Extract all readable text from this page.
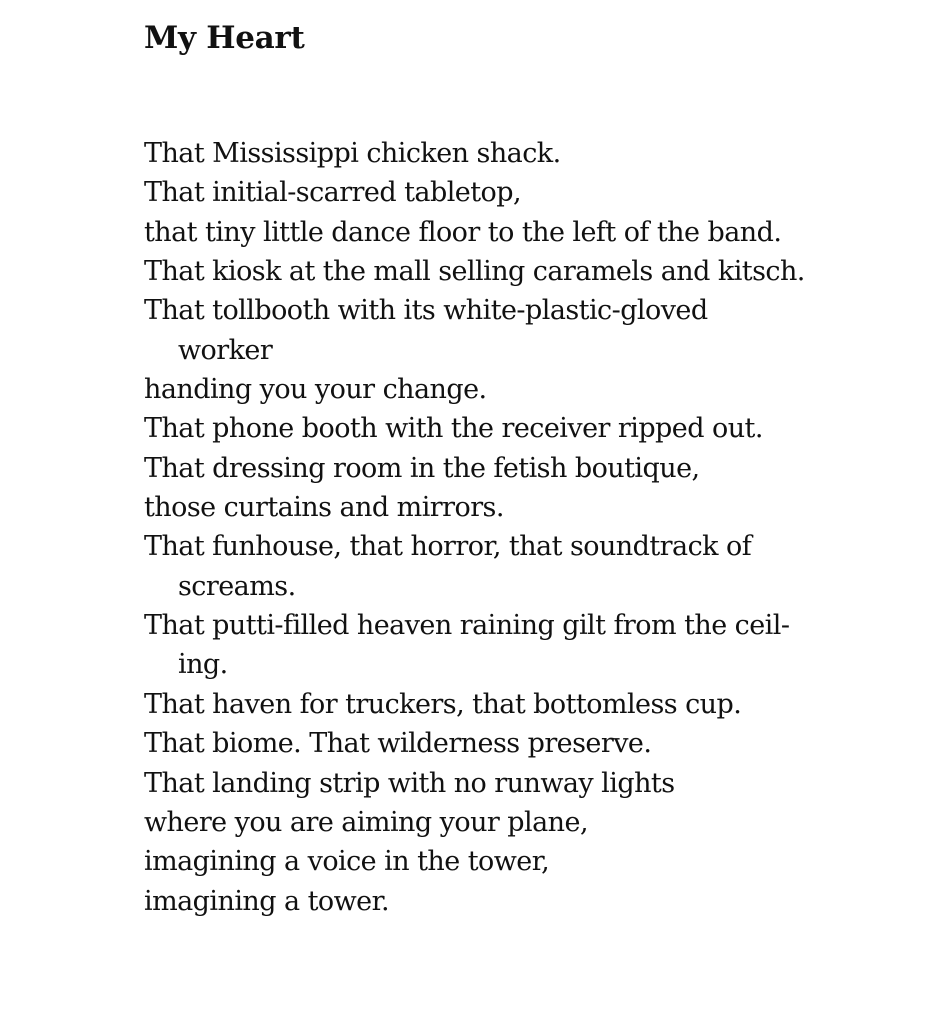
My Heart
That Mississippi chicken shack.
That initial-scarred tabletop,
that tiny little dance floor to the left of the band.
That kiosk at the mall selling caramels and kitsch.
That tollbooth with its white-plastic-gloved
worker
handing you your change.
That phone booth with the receiver ripped out.
That dressing room in the fetish boutique,
those curtains and mirrors.
That funhouse, that horror, that soundtrack of
screams.
That putti-filled heaven raining gilt from the ceil-
ing.
That haven for truckers, that bottomless cup.
That biome. That wilderness preserve.
That landing strip with no runway lights
where you are aiming your plane,
imagining a voice in the tower,
imagining a tower.
